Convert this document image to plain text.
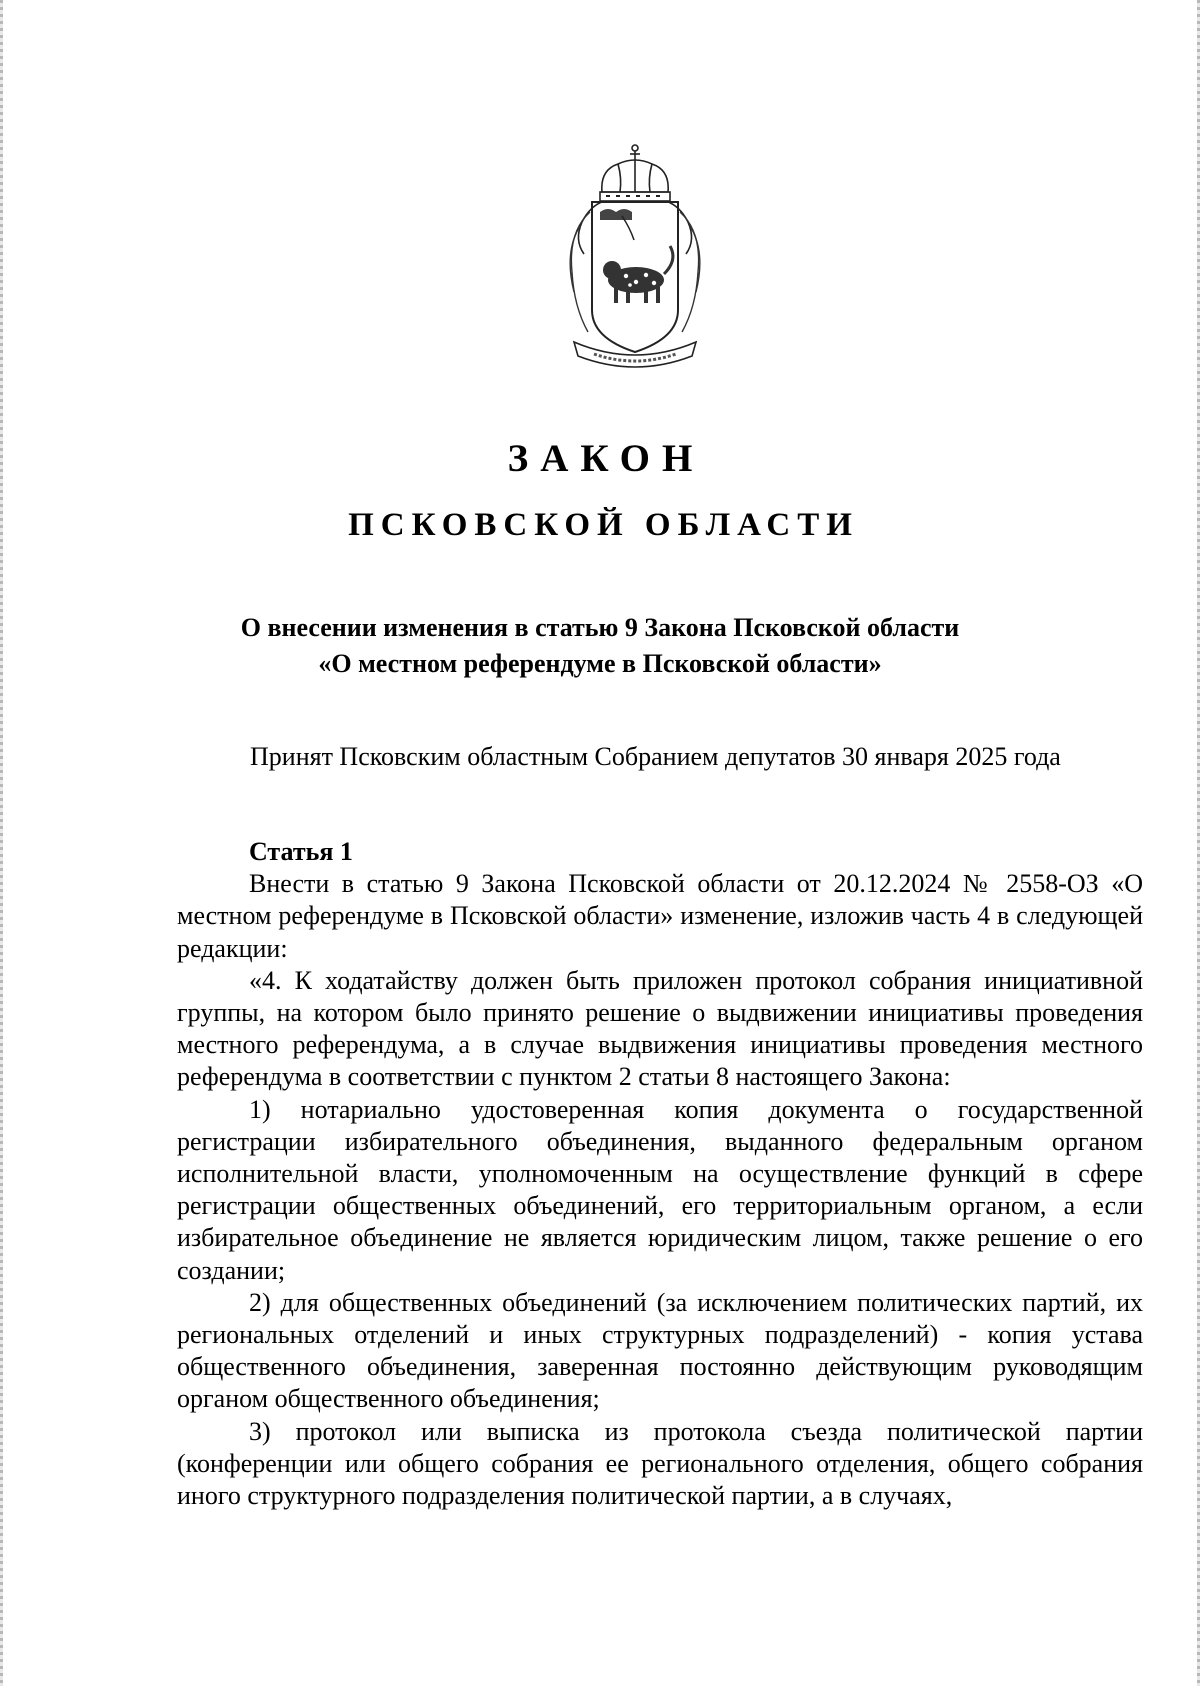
ЗАКОН
ПСКОВСКОЙ ОБЛАСТИ
О внесении изменения в статью 9 Закона Псковской области
«О местном референдуме в Псковской области»
Принят Псковским областным Собранием депутатов 30 января 2025 года
Статья 1

Внести в статью 9 Закона Псковской области от 20.12.2024 № 2558-ОЗ «О местном референдуме в Псковской области» изменение, изложив часть 4 в следующей редакции:

«4. К ходатайству должен быть приложен протокол собрания инициативной группы, на котором было принято решение о выдвижении инициативы проведения местного референдума, а в случае выдвижения инициативы проведения местного референдума в соответствии с пунктом 2 статьи 8 настоящего Закона:

1) нотариально удостоверенная копия документа о государственной регистрации избирательного объединения, выданного федеральным органом исполнительной власти, уполномоченным на осуществление функций в сфере регистрации общественных объединений, его территориальным органом, а если избирательное объединение не является юридическим лицом, также решение о его создании;

2) для общественных объединений (за исключением политических партий, их региональных отделений и иных структурных подразделений) - копия устава общественного объединения, заверенная постоянно действующим руководящим органом общественного объединения;

3) протокол или выписка из протокола съезда политической партии (конференции или общего собрания ее регионального отделения, общего собрания иного структурного подразделения политической партии, а в случаях,
